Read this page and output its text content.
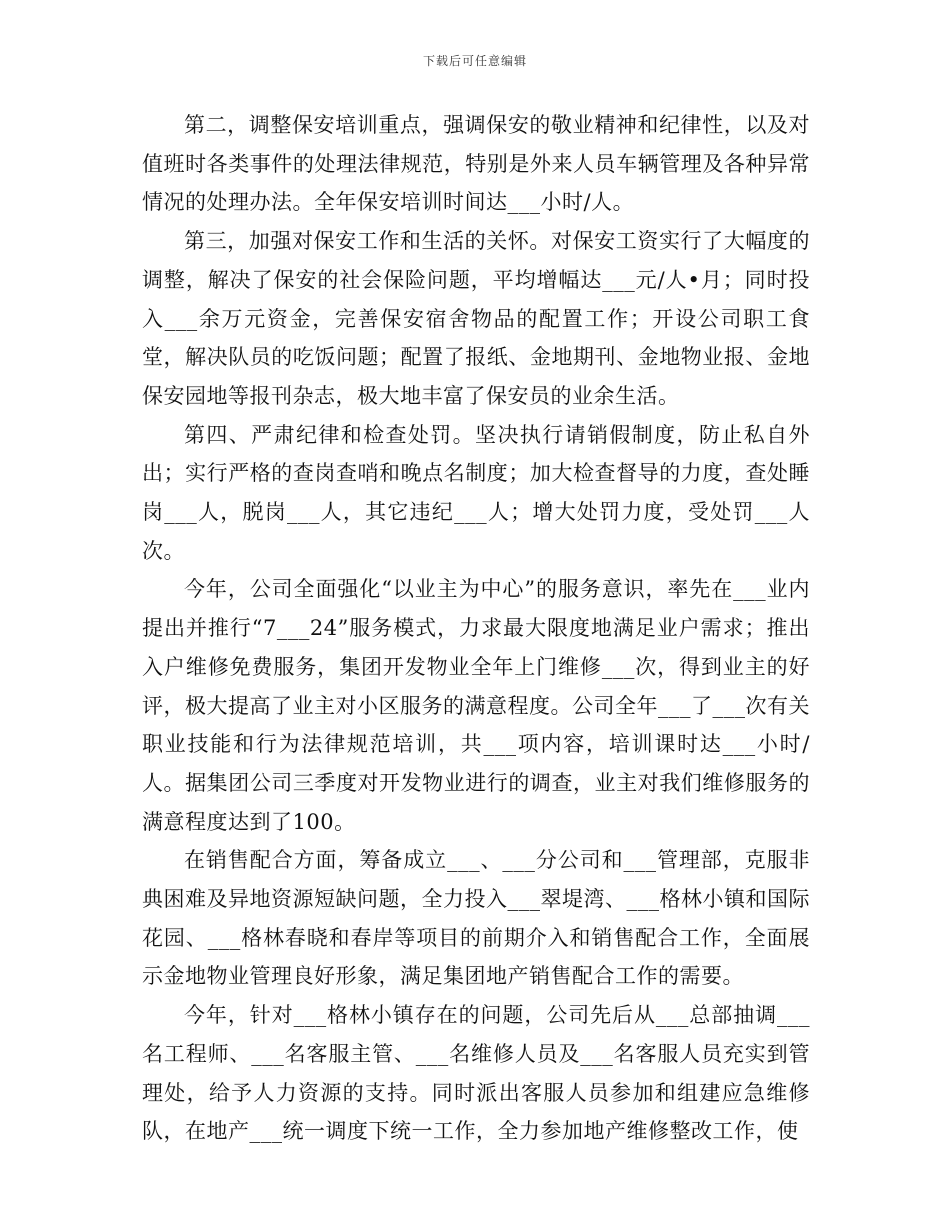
下载后可任意编辑

第二，调整保安培训重点，强调保安的敬业精神和纪律性，以及对值班时各类事件的处理法律规范，特别是外来人员车辆管理及各种异常情况的处理办法。全年保安培训时间达___小时/人。

第三，加强对保安工作和生活的关怀。对保安工资实行了大幅度的调整，解决了保安的社会保险问题，平均增幅达___元/人•月；同时投入___余万元资金，完善保安宿舍物品的配置工作；开设公司职工食堂，解决队员的吃饭问题；配置了报纸、金地期刊、金地物业报、金地保安园地等报刊杂志，极大地丰富了保安员的业余生活。

第四、严肃纪律和检查处罚。坚决执行请销假制度，防止私自外出；实行严格的查岗查哨和晚点名制度；加大检查督导的力度，查处睡岗___人，脱岗___人，其它违纪___人；增大处罚力度，受处罚___人次。

今年，公司全面强化“以业主为中心”的服务意识，率先在___业内提出并推行“7___24”服务模式，力求最大限度地满足业户需求；推出入户维修免费服务，集团开发物业全年上门维修___次，得到业主的好评，极大提高了业主对小区服务的满意程度。公司全年___了___次有关职业技能和行为法律规范培训，共___项内容，培训课时达___小时/人。据集团公司三季度对开发物业进行的调查，业主对我们维修服务的满意程度达到了100。

在销售配合方面，筹备成立___、___分公司和___管理部，克服非典困难及异地资源短缺问题，全力投入___翠堤湾、___格林小镇和国际花园、___格林春晓和春岸等项目的前期介入和销售配合工作，全面展示金地物业管理良好形象，满足集团地产销售配合工作的需要。

今年，针对___格林小镇存在的问题，公司先后从___总部抽调___名工程师、___名客服主管、___名维修人员及___名客服人员充实到管理处，给予人力资源的支持。同时派出客服人员参加和组建应急维修队，在地产___统一调度下统一工作，全力参加地产维修整改工作，使
